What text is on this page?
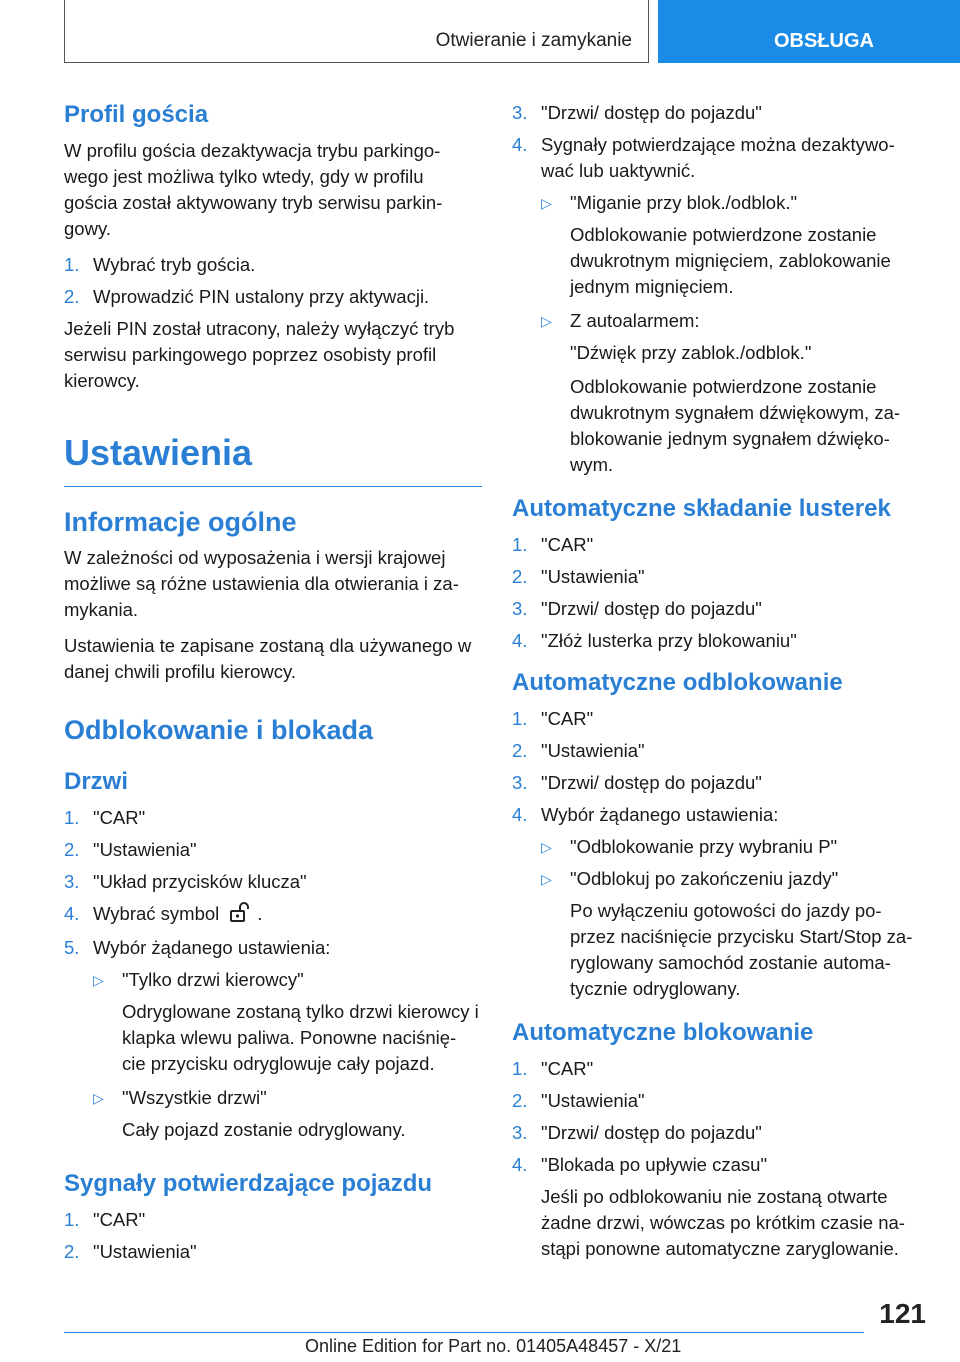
Otwieranie i zamykanie	OBSŁUGA
Profil gościa

W profilu gościa dezaktywacja trybu parkingo- wego jest możliwa tylko wtedy, gdy w profilu gościa został aktywowany tryb serwisu parkin- gowy.

1. Wybrać tryb gościa.
2. Wprowadzić PIN ustalony przy aktywacji.

Jeżeli PIN został utracony, należy wyłączyć tryb serwisu parkingowego poprzez osobisty profil kierowcy.

Ustawienia
Informacje ogólne

W zależności od wyposażenia i wersji krajowej możliwe są różne ustawienia dla otwierania i za- mykania.

Ustawienia te zapisane zostaną dla używanego w danej chwili profilu kierowcy.

Odblokowanie i blokada
Drzwi
1. "CAR"
2. "Ustawienia"
3. "Układ przycisków klucza"
4. Wybrać symbol .
5. Wybór żądanego ustawienia:
▷ "Tylko drzwi kierowcy"
Odryglowane zostaną tylko drzwi kierowcy i klapka wlewu paliwa. Ponowne naciśnię- cie przycisku odryglowuje cały pojazd.
▷ "Wszystkie drzwi"
Cały pojazd zostanie odryglowany.
Sygnały potwierdzające pojazdu
1. "CAR"
2. "Ustawienia"
3. "Drzwi/ dostęp do pojazdu"
4. Sygnały potwierdzające można dezaktywo- wać lub uaktywnić.
▷ "Miganie przy blok./odblok."
Odblokowanie potwierdzone zostanie dwukrotnym mignięciem, zablokowanie jednym mignięciem.
▷ Z autoalarmem:
"Dźwięk przy zablok./odblok."
Odblokowanie potwierdzone zostanie dwukrotnym sygnałem dźwiękowym, za- blokowanie jednym sygnałem dźwięko- wym.
Automatyczne składanie lusterek
1. "CAR"
2. "Ustawienia"
3. "Drzwi/ dostęp do pojazdu"
4. "Złóż lusterka przy blokowaniu"
Automatyczne odblokowanie
1. "CAR"
2. "Ustawienia"
3. "Drzwi/ dostęp do pojazdu"
4. Wybór żądanego ustawienia:
▷ "Odblokowanie przy wybraniu P"
▷ "Odblokuj po zakończeniu jazdy"
Po wyłączeniu gotowości do jazdy po- przez naciśnięcie przycisku Start/Stop za- ryglowany samochód zostanie automa- tycznie odryglowany.
Automatyczne blokowanie
1. "CAR"
2. "Ustawienia"
3. "Drzwi/ dostęp do pojazdu"
4. "Blokada po upływie czasu"
Jeśli po odblokowaniu nie zostaną otwarte żadne drzwi, wówczas po krótkim czasie na- stąpi ponowne automatyczne zaryglowanie.
121
Online Edition for Part no. 01405A48457 - X/21
